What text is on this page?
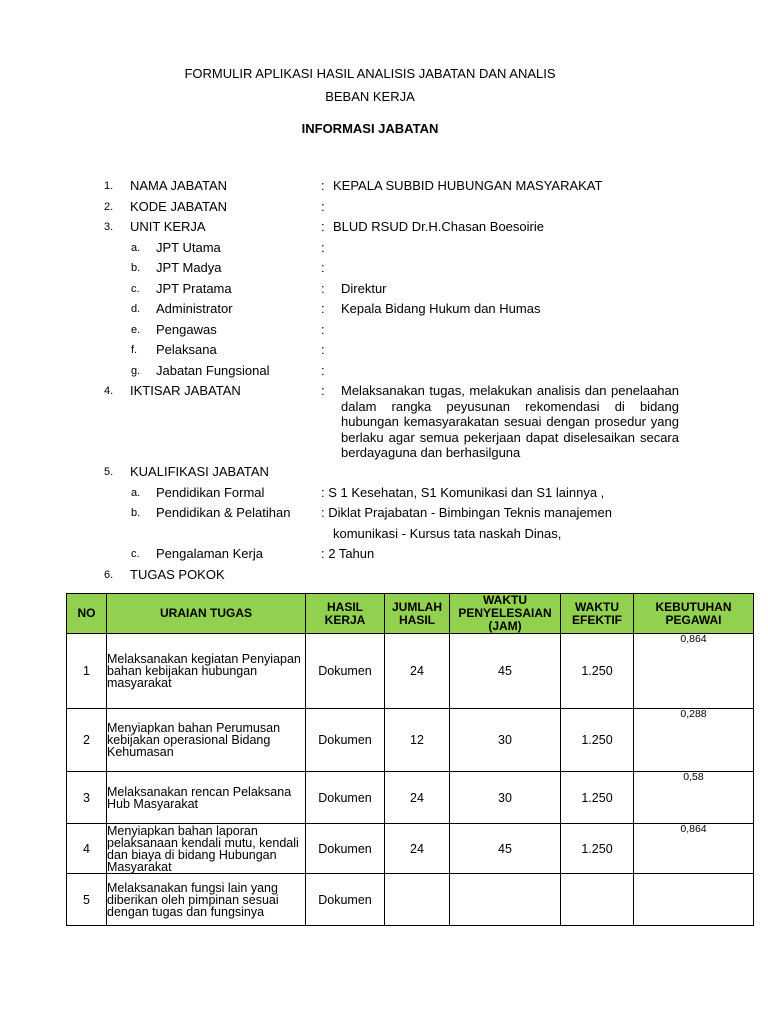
FORMULIR APLIKASI HASIL ANALISIS JABATAN DAN ANALIS
BEBAN KERJA
INFORMASI JABATAN
1.	NAMA JABATAN	: KEPALA SUBBID HUBUNGAN MASYARAKAT
2.	KODE JABATAN	:
3.	UNIT KERJA	: BLUD RSUD Dr.H.Chasan Boesoirie
a.	JPT Utama	:
b.	JPT Madya	:
c.	JPT Pratama	: Direktur
d.	Administrator	: Kepala Bidang Hukum dan Humas
e.	Pengawas	:
f.	Pelaksana	:
g.	Jabatan Fungsional	:
4.	IKTISAR JABATAN	: Melaksanakan tugas, melakukan analisis dan penelaahan dalam rangka peyusunan rekomendasi di bidang hubungan kemasyarakatan sesuai dengan prosedur yang berlaku agar semua pekerjaan dapat diselesaikan secara berdayaguna dan berhasilguna
5.	KUALIFIKASI JABATAN
a.	Pendidikan Formal	: S 1 Kesehatan, S1 Komunikasi dan S1 lainnya ,
b.	Pendidikan & Pelatihan : Diklat Prajabatan - Bimbingan Teknis manajemen
komunikasi - Kursus tata naskah Dinas,
c.	Pengalaman Kerja	: 2 Tahun
6.	TUGAS POKOK
NO	URAIAN TUGAS	HASIL KERJA	JUMLAH HASIL	WAKTU PENYELESAIAN (JAM)	WAKTU EFEKTIF	KEBUTUHAN PEGAWAI
1	Melaksanakan kegiatan Penyiapan bahan kebijakan hubungan masyarakat	Dokumen	24	45	1.250	0,864

2	Menyiapkan bahan Perumusan kebijakan operasional Bidang Kehumasan	Dokumen	12	30	1.250	0,288

3	Melaksanakan rencan Pelaksana Hub Masyarakat	Dokumen	24	30	1.250	0,58

4	Menyiapkan bahan laporan pelaksanaan kendali mutu, kendali dan biaya di bidang Hubungan Masyarakat	Dokumen	24	45	1.250	0,864

5	Melaksanakan fungsi lain yang diberikan oleh pimpinan sesuai dengan tugas dan fungsinya	Dokumen				
